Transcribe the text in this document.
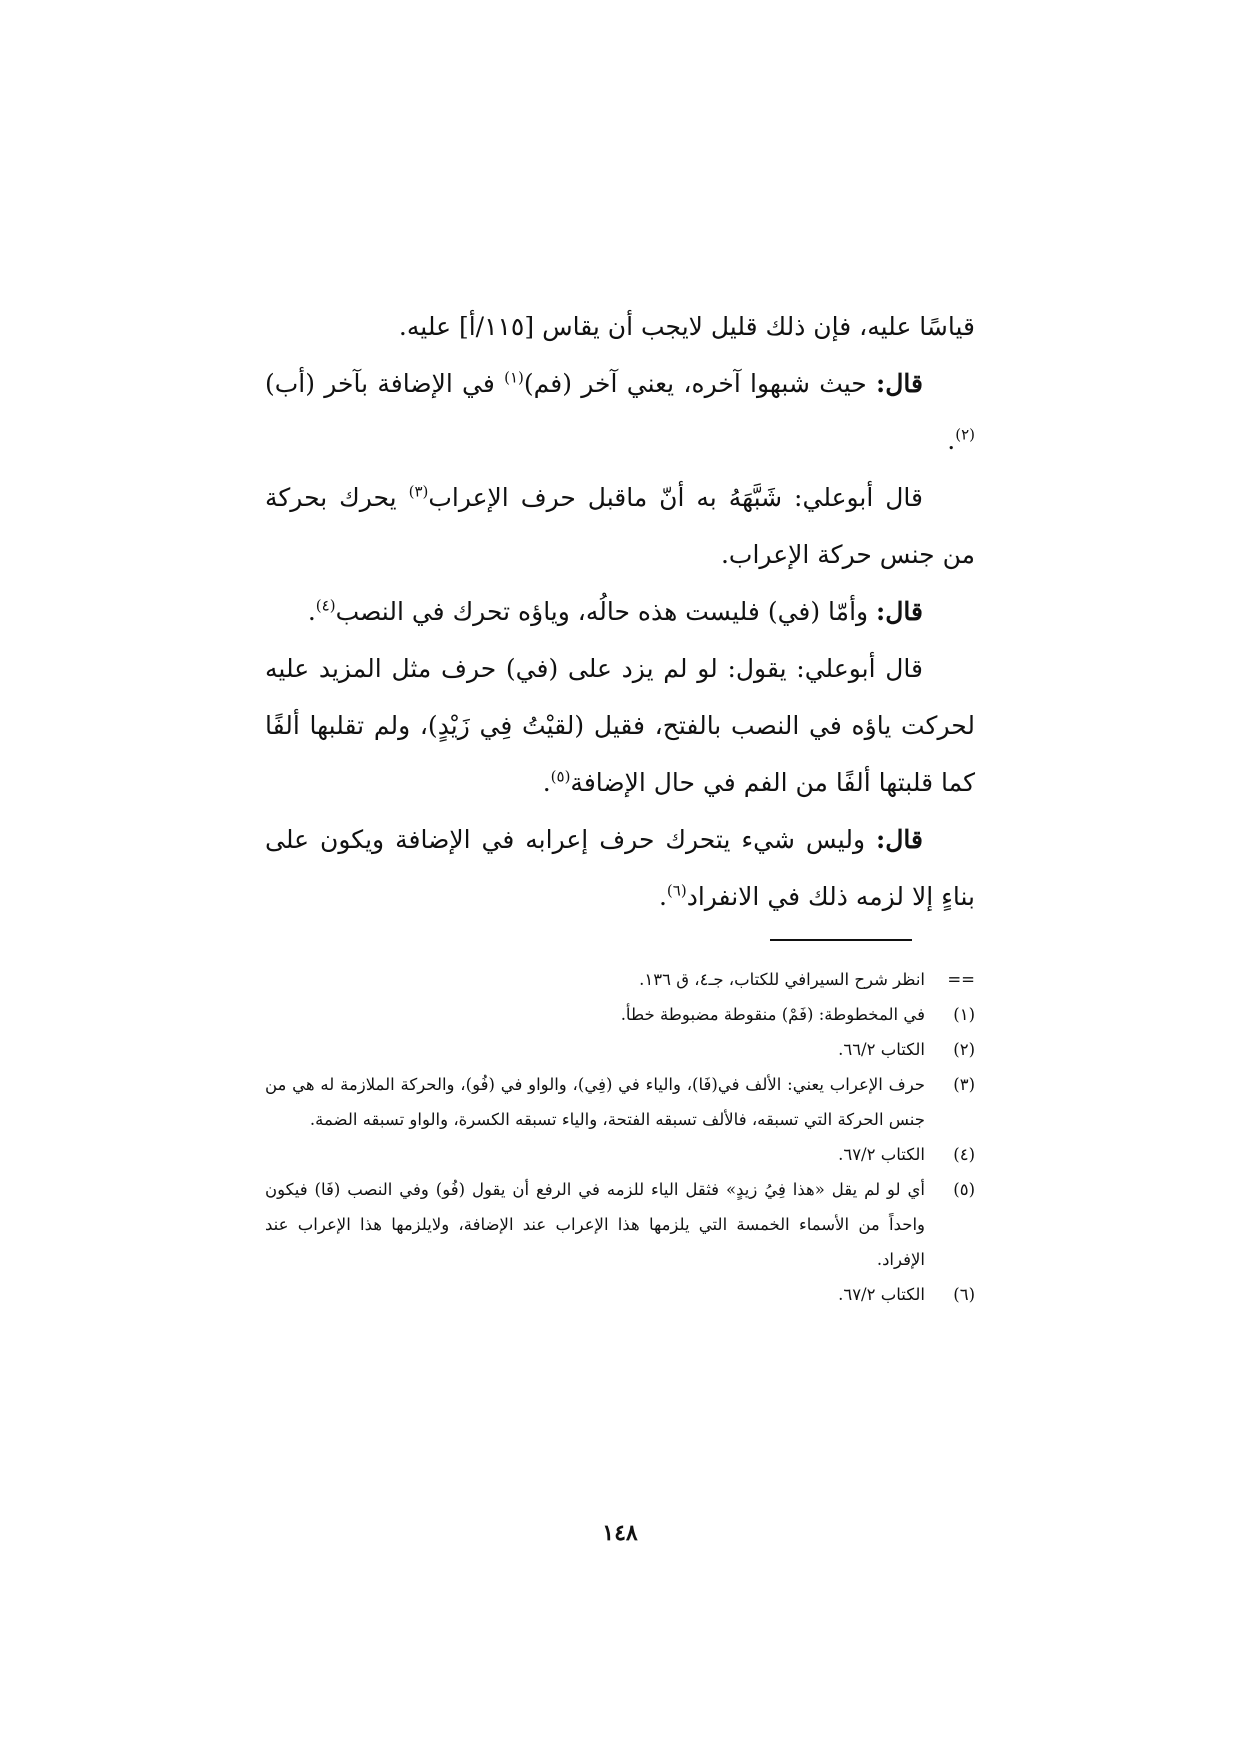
قياسًا عليه، فإن ذلك قليل لايجب أن يقاس [١١٥/أ] عليه.

قال: حيث شبهوا آخره، يعني آخر (فم)$^{(١)}$ في الإضافة بآخر (أب)$^{(٢)}$.

قال أبوعلي: شَبَّهَهُ به أنّ ماقبل حرف الإعراب$^{(٣)}$ يحرك بحركة من جنس حركة الإعراب.

قال: وأمّا (في) فليست هذه حالُه، وياؤه تحرك في النصب$^{(٤)}$.

قال أبوعلي: يقول: لو لم يزد على (في) حرف مثل المزيد عليه لحركت ياؤه في النصب بالفتح، فقيل (لقيْتُ فِي زَيْدٍ)، ولم تقلبها ألفًا كما قلبتها ألفًا من الفم في حال الإضافة$^{(٥)}$.

قال: وليس شيء يتحرك حرف إعرابه في الإضافة ويكون على بناءٍ إلا لزمه ذلك في الانفراد$^{(٦)}$.

==
انظر شرح السيرافي للكتاب، جـ٤، ق ١٣٦.
(١)
في المخطوطة: (فَمْ) منقوطة مضبوطة خطأ.
(٢)
الكتاب ٦٦/٢.
(٣)
حرف الإعراب يعني: الألف في(فَا)، والياء في (فِي)، والواو في (فُو)، والحركة الملازمة له هي من جنس الحركة التي تسبقه، فالألف تسبقه الفتحة، والياء تسبقه الكسرة، والواو تسبقه الضمة.
(٤)
الكتاب ٦٧/٢.
(٥)
أي لو لم يقل «هذا فِيُ زيدٍ» فثقل الياء للزمه في الرفع أن يقول (فُو) وفي النصب (فَا) فيكون واحداً من الأسماء الخمسة التي يلزمها هذا الإعراب عند الإضافة، ولايلزمها هذا الإعراب عند الإفراد.
(٦)
الكتاب ٦٧/٢.
١٤٨
